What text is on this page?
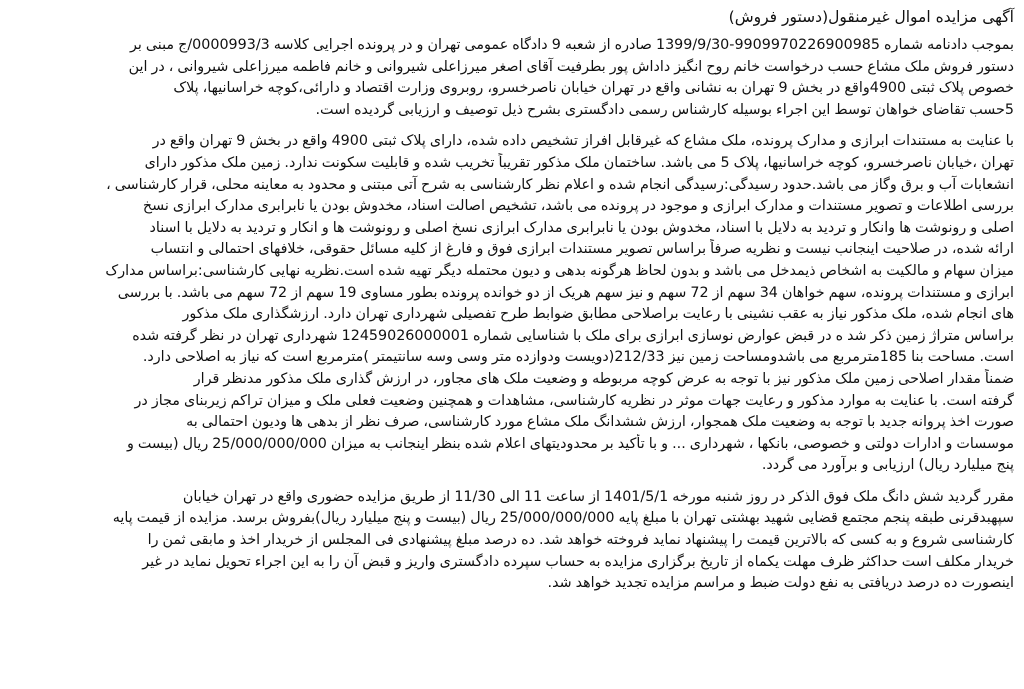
آگهی مزایده اموال غیرمنقول(دستور فروش)
بموجب دادنامه شماره 9909970226900985-1399/9/30 صادره از شعبه 9 دادگاه عمومی تهران و در پرونده اجرایی کلاسه 0000993/3/ج مبنی بر
دستور فروش ملک مشاع حسب درخواست خانم روح انگیز داداش پور بطرفیت آقای اصغر میرزاعلی شیروانی و خانم فاطمه میرزاعلی شیروانی ، در این
خصوص پلاک ثبتی 4900واقع در بخش 9 تهران به نشانی واقع در تهران خیابان ناصرخسرو، روبروی وزارت اقتصاد و دارائی،کوچه خراسانیها، پلاک
5حسب تقاضای خواهان توسط این اجراء بوسیله کارشناس رسمی دادگستری بشرح ذیل توصیف و ارزیابی گردیده است.
با عنایت به مستندات ابرازی و مدارک پرونده، ملک مشاع که غیرقابل افراز تشخیص داده شده، دارای پلاک ثبتی 4900 واقع در بخش 9 تهران واقع در
تهران ،خیابان ناصرخسرو، کوچه خراسانیها، پلاک 5 می باشد. ساختمان ملک مذکور تقریباً تخریب شده و قابلیت سکونت ندارد. زمین ملک مذکور دارای
انشعابات آب و برق وگاز می باشد.حدود رسیدگی:رسیدگی انجام شده و اعلام نظر کارشناسی به شرح آتی مبتنی و محدود به معاینه محلی، قرار کارشناسی ،
بررسی اطلاعات و تصویر مستندات و مدارک ابرازی و موجود در پرونده می باشد، تشخیص اصالت اسناد، مخدوش بودن یا نابرابری مدارک ابرازی نسخ
اصلی و رونوشت ها وانکار و تردید به دلایل با اسناد، مخدوش بودن یا نابرابری مدارک ابرازی نسخ اصلی و رونوشت ها و انکار و تردید به دلایل با اسناد
ارائه شده، در صلاحیت اینجانب نیست و نظریه صرفاً براساس تصویر مستندات ابرازی فوق و فارغ از کلیه مسائل حقوقی، خلافهای احتمالی و انتساب
میزان سهام و مالکیت به اشخاص ذیمدخل می باشد و بدون لحاظ هرگونه بدهی و دیون محتمله دیگر تهیه شده است.نظریه نهایی کارشناسی:براساس مدارک
ابرازی و مستندات پرونده، سهم خواهان 34 سهم از 72 سهم و نیز سهم هریک از دو خوانده پرونده بطور مساوی 19 سهم از 72 سهم می باشد. با بررسی
های انجام شده، ملک مذکور نیاز به عقب نشینی با رعایت براصلاحی مطابق ضوابط طرح تفصیلی شهرداری تهران دارد. ارزشگذاری ملک مذکور
براساس متراژ زمین ذکر شد ه در قبض عوارض نوسازی ابرازی برای ملک با شناسایی شماره 12459026000001 شهرداری تهران در نظر گرفته شده
است. مساحت بنا 185مترمربع می باشدومساحت زمین نیز 212/33(دویست ودوازده متر وسی وسه سانتیمتر )مترمربع است که نیاز به اصلاحی دارد.
ضمناً مقدار اصلاحی زمین ملک مذکور نیز با توجه به عرض کوچه مربوطه و وضعیت ملک های مجاور، در ارزش گذاری ملک مذکور مدنظر قرار
گرفته است. با عنایت به موارد مذکور و رعایت جهات موثر در نظریه کارشناسی، مشاهدات و همچنین وضعیت فعلی ملک و میزان تراکم زیربنای مجاز در
صورت اخذ پروانه جدید با توجه به وضعیت ملک همجوار، ارزش ششدانگ ملک مشاع مورد کارشناسی، صرف نظر از بدهی ها ودیون احتمالی به
موسسات و ادارات دولتی و خصوصی، بانکها ، شهرداری ... و با تأکید بر محدودیتهای اعلام شده بنظر اینجانب به میزان 25/000/000/000 ریال (بیست و
پنج میلیارد ریال) ارزیابی و برآورد می گردد.
مقرر گردید شش دانگ ملک فوق الذکر در روز شنبه مورخه 1401/5/1 از ساعت 11 الی 11/30 از طریق مزایده حضوری واقع در تهران خیابان
سپهبدقرنی طبقه پنجم مجتمع قضایی شهید بهشتی تهران با مبلغ پایه 25/000/000/000 ریال (بیست و پنج میلیارد ریال)بفروش برسد. مزایده از قیمت پایه
کارشناسی شروع و به کسی که بالاترین قیمت را پیشنهاد نماید فروخته خواهد شد. ده درصد مبلغ پیشنهادی فی المجلس از خریدار اخذ و مابقی ثمن را
خریدار مکلف است حداکثر ظرف مهلت یکماه از تاریخ برگزاری مزایده به حساب سپرده دادگستری واریز و قبض آن را به این اجراء تحویل نماید در غیر
اینصورت ده درصد دریافتی به نفع دولت ضبط و مراسم مزایده تجدید خواهد شد.
